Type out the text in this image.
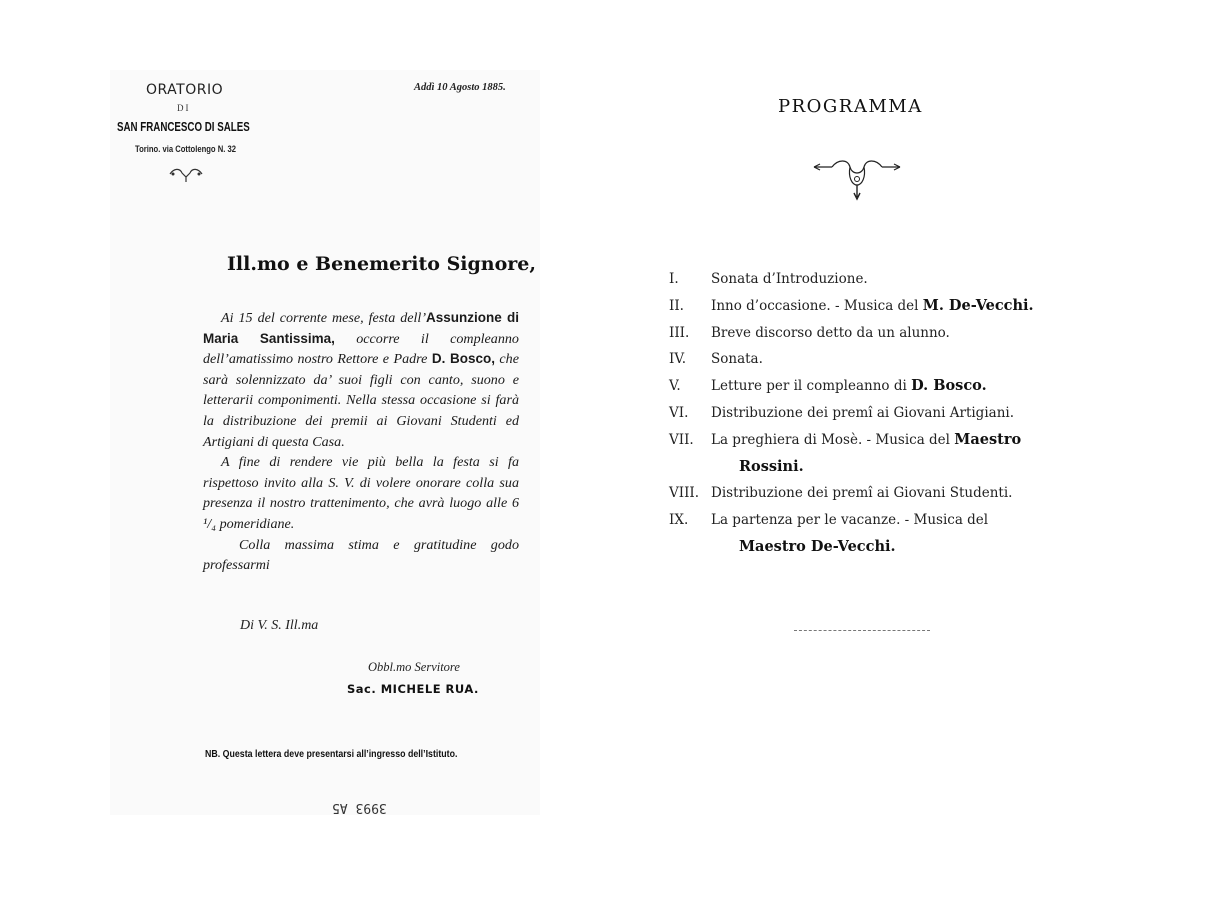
ORATORIO
DI
SAN FRANCESCO DI SALES
Torino. via Cottolengo N. 32
Addì 10 Agosto 1885.
Ill.mo e Benemerito Signore,

Ai 15 del corrente mese, festa dell’Assunzione di Maria Santissima, occorre il compleanno dell’amatissimo nostro Rettore e Padre D. Bosco, che sarà solennizzato da’ suoi figli con canto, suono e letterarii componimenti. Nella stessa occasione si farà la distribuzione dei premii ai Giovani Studenti ed Artigiani di questa Casa.

A fine di rendere vie più bella la festa si fa rispettoso invito alla S. V. di volere onorare colla sua presenza il nostro trattenimento, che avrà luogo alle 6 ¹/₄ pomeridiane.

Colla massima stima e gratitudine godo professarmi

Di V. S. Ill.ma
Obbl.mo Servitore
Sac. MICHELE RUA.
NB. Questa lettera deve presentarsi all’ingresso dell’Istituto.
3993 A5
PROGRAMMA
I. Sonata d’Introduzione.
II. Inno d’occasione. - Musica del M. De-Vecchi.
III. Breve discorso detto da un alunno.
IV. Sonata.
V. Letture per il compleanno di D. Bosco.
VI. Distribuzione dei premî ai Giovani Artigiani.
VII. La preghiera di Mosè. - Musica del Maestro
Rossini.
VIII. Distribuzione dei premî ai Giovani Studenti.
IX. La partenza per le vacanze. - Musica del
Maestro De-Vecchi.
